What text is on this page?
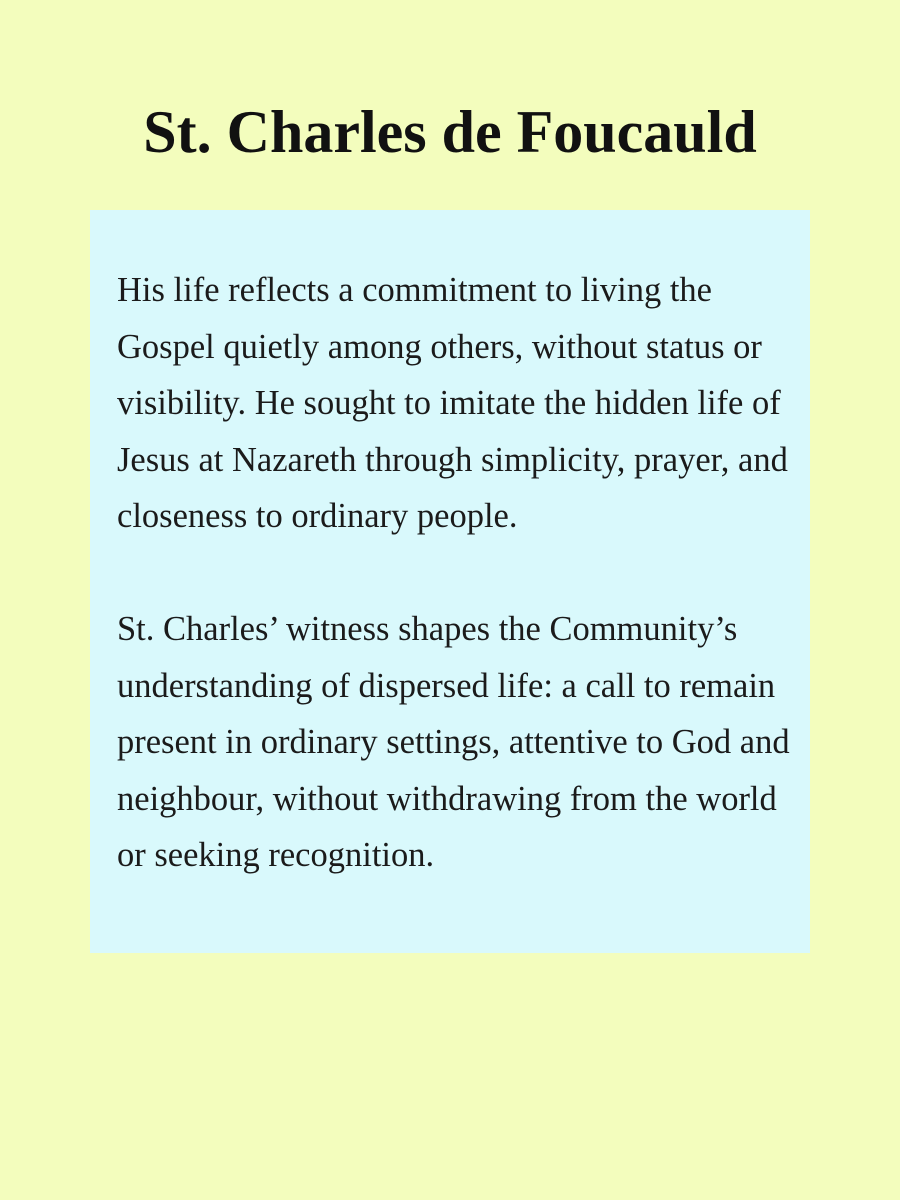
St. Charles de Foucauld

His life reflects a commitment to living the Gospel quietly among others, without status or visibility. He sought to imitate the hidden life of Jesus at Nazareth through simplicity, prayer, and closeness to ordinary people.

St. Charles’ witness shapes the Community’s understanding of dispersed life: a call to remain present in ordinary settings, attentive to God and neighbour, without withdrawing from the world or seeking recognition.
